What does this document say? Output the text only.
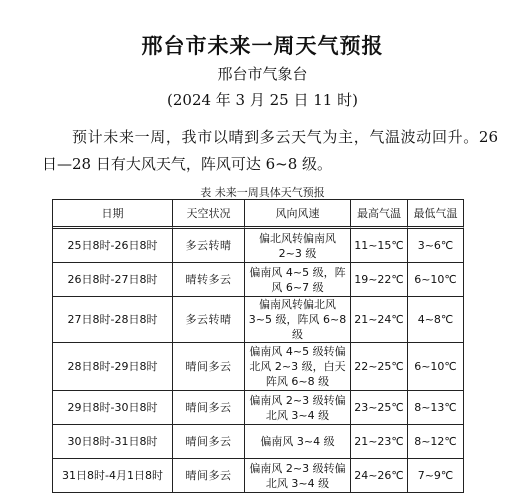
邢台市未来一周天气预报
邢台市气象台
(2024 年 3 月 25 日 11 时)

预计未来一周，我市以晴到多云天气为主，气温波动回升。26 日—28 日有大风天气，阵风可达 6~8 级。

表 未来一周具体天气预报
日期	天空状况	风向风速	最高气温	最低气温
25日8时-26日8时	多云转晴	偏北风转偏南风 2~3 级	11~15℃	3~6℃
26日8时-27日8时	晴转多云	偏南风 4~5 级，阵风 6~7 级	19~22℃	6~10℃
27日8时-28日8时	多云转晴	偏南风转偏北风 3~5 级，阵风 6~8 级	21~24℃	4~8℃
28日8时-29日8时	晴间多云	偏南风 4~5 级转偏北风 2~3 级，白天阵风 6~8 级	22~25℃	6~10℃
29日8时-30日8时	晴间多云	偏南风 2~3 级转偏北风 3~4 级	23~25℃	8~13℃
30日8时-31日8时	晴间多云	偏南风 3~4 级	21~23℃	8~12℃
31日8时-4月1日8时	晴间多云	偏南风 2~3 级转偏北风 3~4 级	24~26℃	7~9℃
